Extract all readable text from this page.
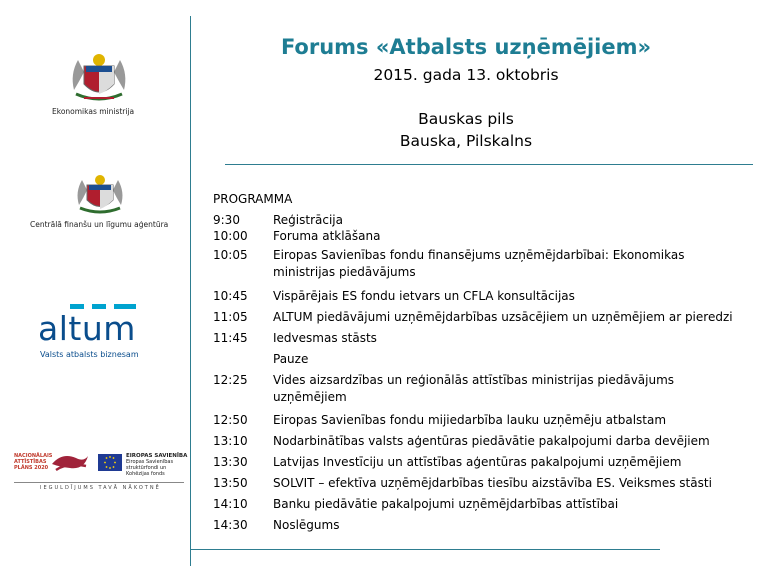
Ekonomikas ministrija
Centrālā finanšu un līgumu aģentūra
altum
Valsts atbalsts biznesam
NACIONĀLAIS ATTĪSTĪBAS PLĀNS 2020
EIROPAS SAVIENĪBA
Eiropas Savienības struktūrfondi un Kohēzijas fonds
IEGULDĪJUMS TAVĀ NĀKOTNĒ
Forums «Atbalsts uzņēmējiem»
2015. gada 13. oktobris
Bauskas pils
Bauska, Pilskalns
PROGRAMMA
9:30	Reģistrācija
10:00	Foruma atklāšana
10:05	Eiropas Savienības fondu finansējums uzņēmējdarbībai: Ekonomikas ministrijas piedāvājums
10:45	Vispārējais ES fondu ietvars un CFLA konsultācijas
11:05	ALTUM piedāvājumi uzņēmējdarbības uzsācējiem un uzņēmējiem ar pieredzi
11:45	Iedvesmas stāsts
Pauze
12:25	Vides aizsardzības un reģionālās attīstības ministrijas piedāvājums uzņēmējiem
12:50	Eiropas Savienības fondu mijiedarbība lauku uzņēmēju atbalstam
13:10	Nodarbinātības valsts aģentūras piedāvātie pakalpojumi darba devējiem
13:30	Latvijas Investīciju un attīstības aģentūras pakalpojumi uzņēmējiem
13:50	SOLVIT – efektīva uzņēmējdarbības tiesību aizstāvība ES. Veiksmes stāsti
14:10	Banku piedāvātie pakalpojumi uzņēmējdarbības attīstībai
14:30	Noslēgums
